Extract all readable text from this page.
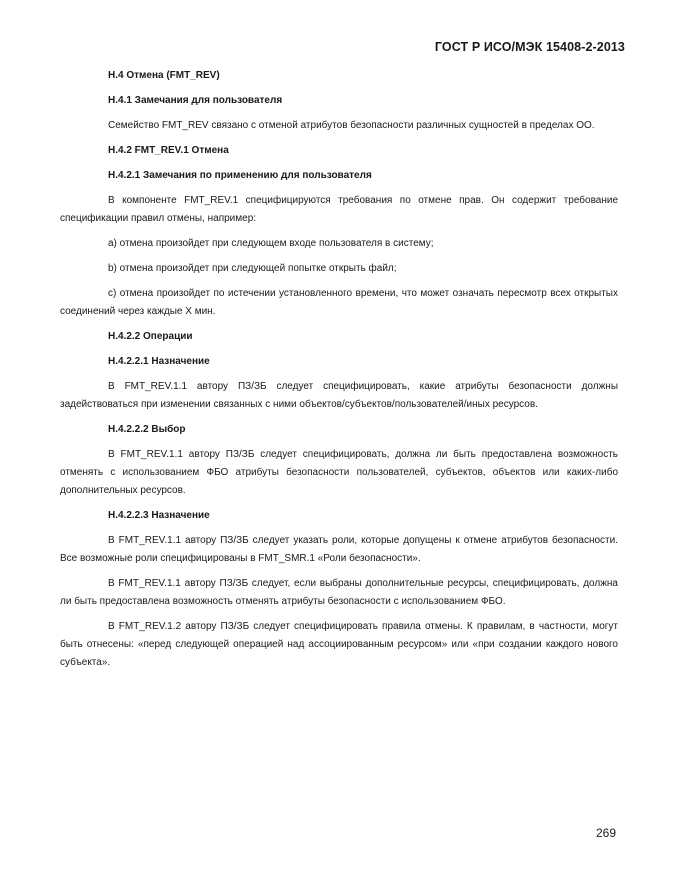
ГОСТ Р ИСО/МЭК 15408-2-2013
H.4 Отмена (FMT_REV)
H.4.1 Замечания для пользователя
Семейство FMT_REV связано с отменой атрибутов безопасности различных сущностей в пределах ОО.
H.4.2 FMT_REV.1 Отмена
H.4.2.1 Замечания по применению для пользователя
В компоненте FMT_REV.1 специфицируются требования по отмене прав. Он содержит требование спецификации правил отмены, например:
a) отмена произойдет при следующем входе пользователя в систему;
b) отмена произойдет при следующей попытке открыть файл;
c) отмена произойдет по истечении установленного времени, что может означать пересмотр всех открытых соединений через каждые X мин.
H.4.2.2 Операции
H.4.2.2.1 Назначение
В FMT_REV.1.1 автору ПЗ/ЗБ следует специфицировать, какие атрибуты безопасности должны задействоваться при изменении связанных с ними объектов/субъектов/пользователей/иных ресурсов.
H.4.2.2.2 Выбор
В FMT_REV.1.1 автору ПЗ/ЗБ следует специфицировать, должна ли быть предоставлена возможность отменять с использованием ФБО атрибуты безопасности пользователей, субъектов, объектов или каких-либо дополнительных ресурсов.
H.4.2.2.3 Назначение
В FMT_REV.1.1 автору ПЗ/ЗБ следует указать роли, которые допущены к отмене атрибутов безопасности. Все возможные роли специфицированы в FMT_SMR.1 «Роли безопасности».
В FMT_REV.1.1 автору ПЗ/ЗБ следует, если выбраны дополнительные ресурсы, специфицировать, должна ли быть предоставлена возможность отменять атрибуты безопасности с использованием ФБО.
В FMT_REV.1.2 автору ПЗ/ЗБ следует специфицировать правила отмены. К правилам, в частности, могут быть отнесены: «перед следующей операцией над ассоциированным ресурсом» или «при создании каждого нового субъекта».
269
